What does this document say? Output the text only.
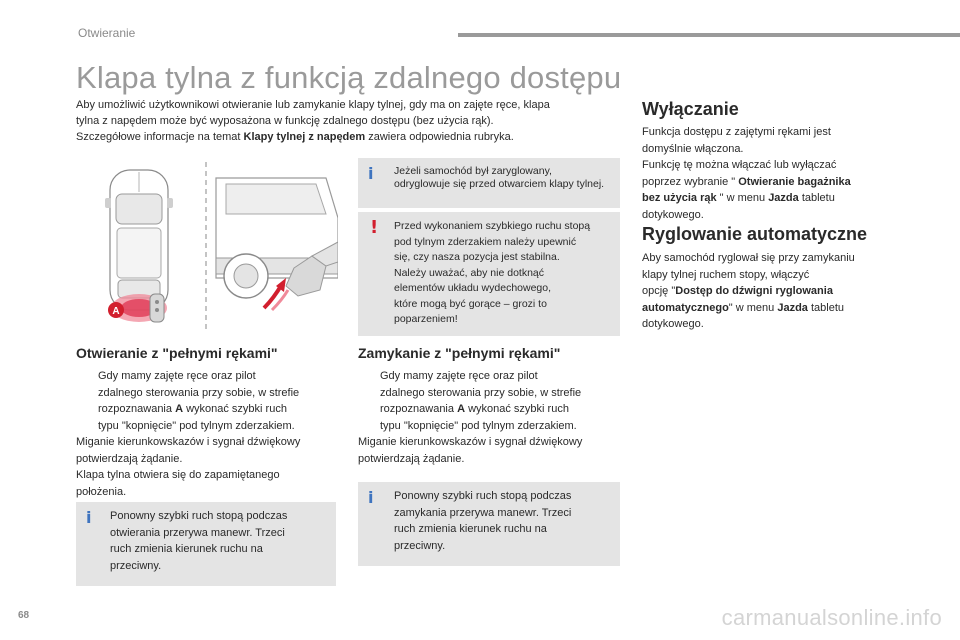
Otwieranie
Klapa tylna z funkcją zdalnego dostępu
Aby umożliwić użytkownikowi otwieranie lub zamykanie klapy tylnej, gdy ma on zajęte ręce, klapa
tylna z napędem może być wyposażona w funkcję zdalnego dostępu (bez użycia rąk).
Szczegółowe informacje na temat Klapy tylnej z napędem zawiera odpowiednia rubryka.
A
i Jeżeli samochód był zaryglowany, odryglowuje się przed otwarciem klapy tylnej.
! Przed wykonaniem szybkiego ruchu stopą
pod tylnym zderzakiem należy upewnić
się, czy nasza pozycja jest stabilna.
Należy uważać, aby nie dotknąć
elementów układu wydechowego,
które mogą być gorące – grozi to
poparzeniem!
Otwieranie z "pełnymi rękami"
Gdy mamy zajęte ręce oraz pilot
zdalnego sterowania przy sobie, w strefie
rozpoznawania A wykonać szybki ruch
typu "kopnięcie" pod tylnym zderzakiem.
Miganie kierunkowskazów i sygnał dźwiękowy
potwierdzają żądanie.
Klapa tylna otwiera się do zapamiętanego
położenia.
i Ponowny szybki ruch stopą podczas
otwierania przerywa manewr. Trzeci
ruch zmienia kierunek ruchu na
przeciwny.
Zamykanie z "pełnymi rękami"
Gdy mamy zajęte ręce oraz pilot
zdalnego sterowania przy sobie, w strefie
rozpoznawania A wykonać szybki ruch
typu "kopnięcie" pod tylnym zderzakiem.
Miganie kierunkowskazów i sygnał dźwiękowy
potwierdzają żądanie.
i Ponowny szybki ruch stopą podczas
zamykania przerywa manewr. Trzeci
ruch zmienia kierunek ruchu na
przeciwny.
Wyłączanie
Funkcja dostępu z zajętymi rękami jest
domyślnie włączona.
Funkcję tę można włączać lub wyłączać
poprzez wybranie " Otwieranie bagażnika
bez użycia rąk " w menu Jazda tabletu
dotykowego.
Ryglowanie automatyczne
Aby samochód ryglował się przy zamykaniu
klapy tylnej ruchem stopy, włączyć
opcję "Dostęp do dźwigni ryglowania
automatycznego" w menu Jazda tabletu
dotykowego.
68	carmanualsonline.info
